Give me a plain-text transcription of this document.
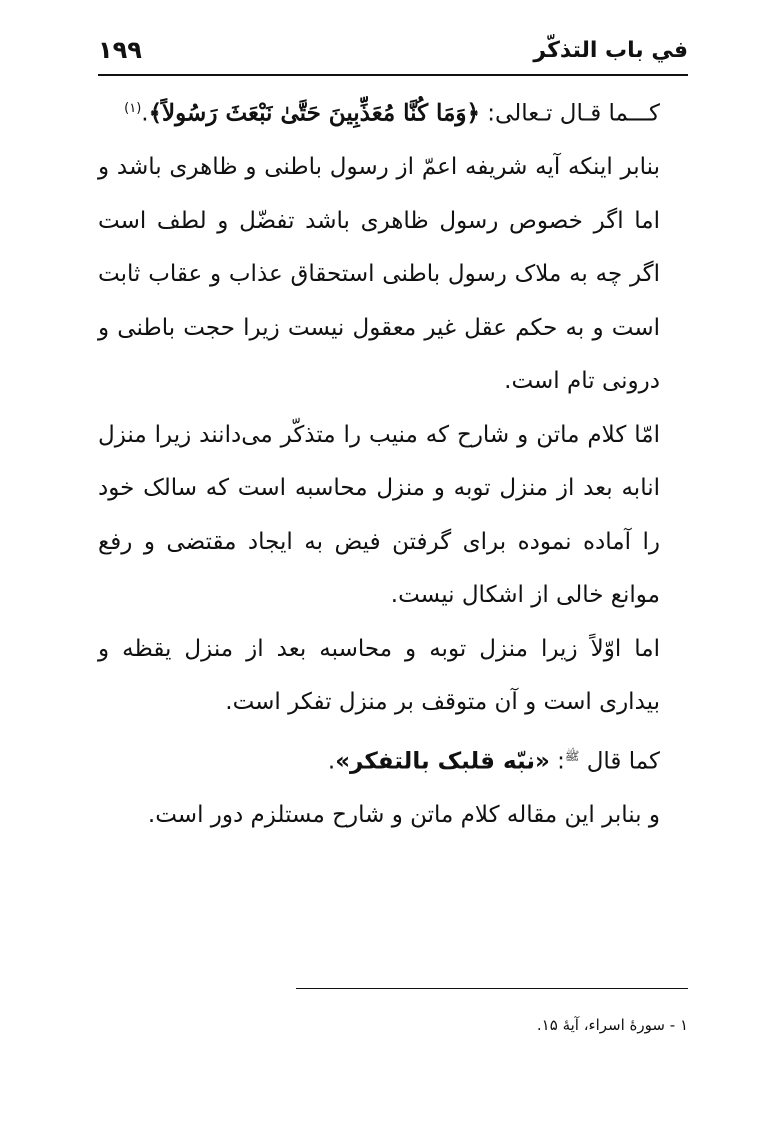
في باب التذكّر
۱۹۹

كـــما قـال تـعالی: ﴿وَمَا كُنَّا مُعَذِّبِينَ حَتَّىٰ نَبْعَثَ رَسُولاً﴾.$^{(۱)}$

بنابر اینکه آیه شریفه اعمّ از رسول باطنی و ظاهری باشد و اما اگر خصوص رسول ظاهری باشد تفضّل و لطف است اگر چه به ملاک رسول باطنی استحقاق عذاب و عقاب ثابت است و به حکم عقل غیر معقول نیست زیرا حجت باطنی و درونی تام است.

امّا کلام ماتن و شارح که منیب را متذکّر می‌دانند زیرا منزل انابه بعد از منزل توبه و منزل محاسبه است که سالک خود را آماده نموده برای گرفتن فیض به ایجاد مقتضی و رفع موانع خالی از اشکال نیست.

اما اوّلاً زیرا منزل توبه و محاسبه بعد از منزل یقظه و بیداری است و آن متوقف بر منزل تفکر است.

کما قال $^ﷺ$: «نبّه قلبک بالتفکر».

و بنابر این مقاله کلام ماتن و شارح مستلزم دور است.

۱ - سورهٔ اسراء، آیهٔ ۱۵.
